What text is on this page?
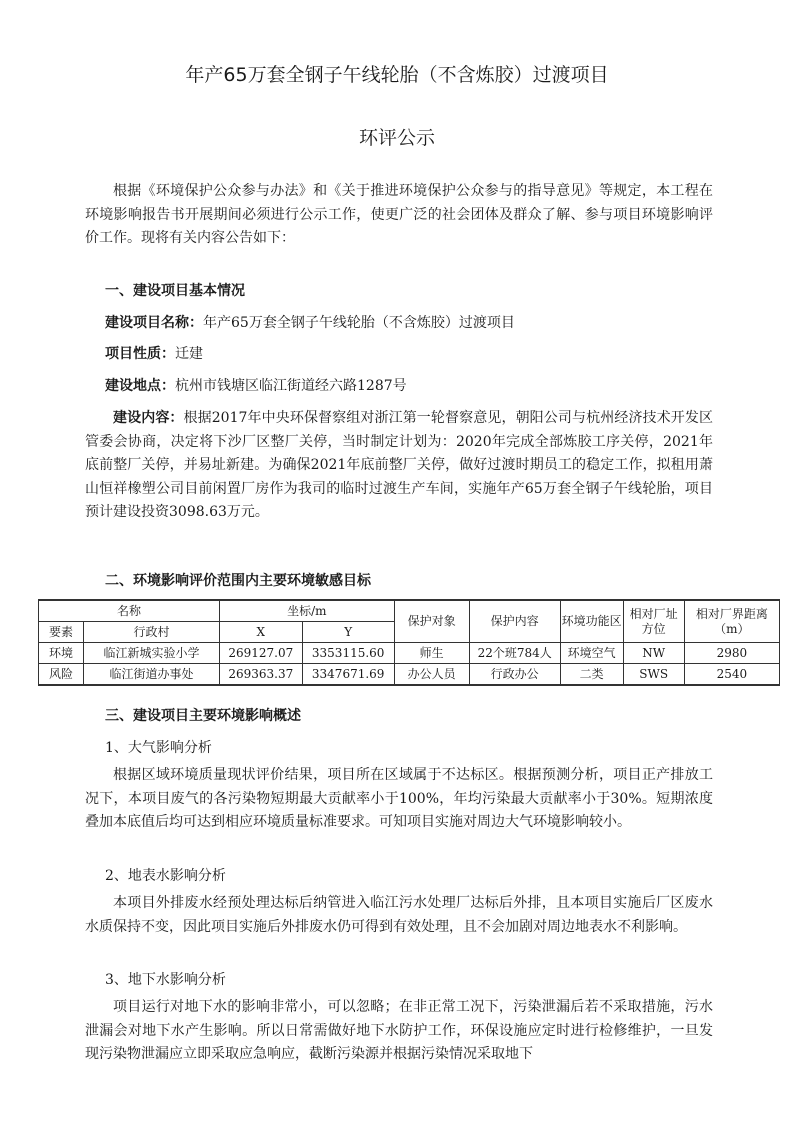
年产65万套全钢子午线轮胎（不含炼胶）过渡项目
环评公示

根据《环境保护公众参与办法》和《关于推进环境保护公众参与的指导意见》等规定，本工程在环境影响报告书开展期间必须进行公示工作，使更广泛的社会团体及群众了解、参与项目环境影响评价工作。现将有关内容公告如下：

一、建设项目基本情况
建设项目名称：年产65万套全钢子午线轮胎（不含炼胶）过渡项目
项目性质：迁建
建设地点：杭州市钱塘区临江街道经六路1287号

建设内容：根据2017年中央环保督察组对浙江第一轮督察意见，朝阳公司与杭州经济技术开发区管委会协商，决定将下沙厂区整厂关停，当时制定计划为：2020年完成全部炼胶工序关停，2021年底前整厂关停，并易址新建。为确保2021年底前整厂关停，做好过渡时期员工的稳定工作，拟租用萧山恒祥橡塑公司目前闲置厂房作为我司的临时过渡生产车间，实施年产65万套全钢子午线轮胎，项目预计建设投资3098.63万元。

二、环境影响评价范围内主要环境敏感目标
名称		坐标/m		保护对象	保护内容	环境功能区	相对厂址方位	相对厂界距离（m）
要素	行政村	X	Y					
环境	临江新城实验小学	269127.07	3353115.60	师生	22个班784人	环境空气	NW	2980
风险	临江街道办事处	269363.37	3347671.69	办公人员	行政办公	二类	SWS	2540
三、建设项目主要环境影响概述
1、大气影响分析

根据区域环境质量现状评价结果，项目所在区域属于不达标区。根据预测分析，项目正产排放工况下，本项目废气的各污染物短期最大贡献率小于100%，年均污染最大贡献率小于30%。短期浓度叠加本底值后均可达到相应环境质量标准要求。可知项目实施对周边大气环境影响较小。

2、地表水影响分析

本项目外排废水经预处理达标后纳管进入临江污水处理厂达标后外排，且本项目实施后厂区废水水质保持不变，因此项目实施后外排废水仍可得到有效处理，且不会加剧对周边地表水不利影响。

3、地下水影响分析

项目运行对地下水的影响非常小，可以忽略；在非正常工况下，污染泄漏后若不采取措施，污水泄漏会对地下水产生影响。所以日常需做好地下水防护工作，环保设施应定时进行检修维护，一旦发现污染物泄漏应立即采取应急响应，截断污染源并根据污染情况采取地下
